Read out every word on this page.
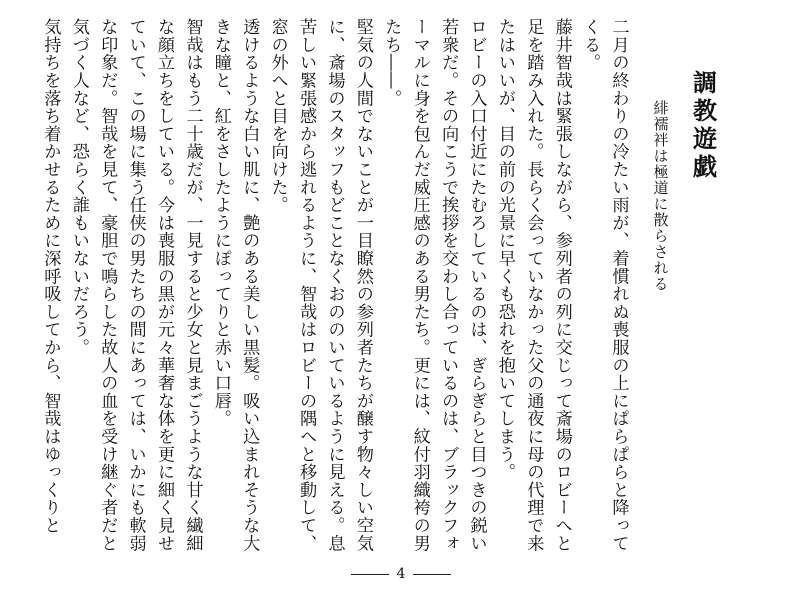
調教遊戯
緋襦袢は極道に散らされる

二月の終わりの冷たい雨が、着慣れぬ喪服の上にぱらぱらと降ってくる。

藤井智哉は緊張しながら、参列者の列に交じって斎場のロビーへと足を踏み入れた。長らく会っていなかった父の通夜に母の代理で来たはいいが、目の前の光景に早くも恐れを抱いてしまう。

ロビーの入口付近にたむろしているのは、ぎらぎらと目つきの鋭い若衆だ。その向こうで挨拶を交わし合っているのは、ブラックフォーマルに身を包んだ威圧感のある男たち。更には、紋付羽織袴の男たち――。

堅気の人間でないことが一目瞭然の参列者たちが醸す物々しい空気に、斎場のスタッフもどことなくおののいているように見える。息苦しい緊張感から逃れるように、智哉はロビーの隅へと移動して、窓の外へと目を向けた。

透けるような白い肌に、艶のある美しい黒髪。吸い込まれそうな大きな瞳と、紅をさしたようにぽってりと赤い口唇。

智哉はもう二十歳だが、一見すると少女と見まごうような甘く繊細な顔立ちをしている。今は喪服の黒が元々華奢な体を更に細く見せていて、この場に集う任侠の男たちの間にあっては、いかにも軟弱な印象だ。智哉を見て、豪胆で鳴らした故人の血を受け継ぐ者だと気づく人など、恐らく誰もいないだろう。

気持ちを落ち着かせるために深呼吸してから、智哉はゆっくりと

4
